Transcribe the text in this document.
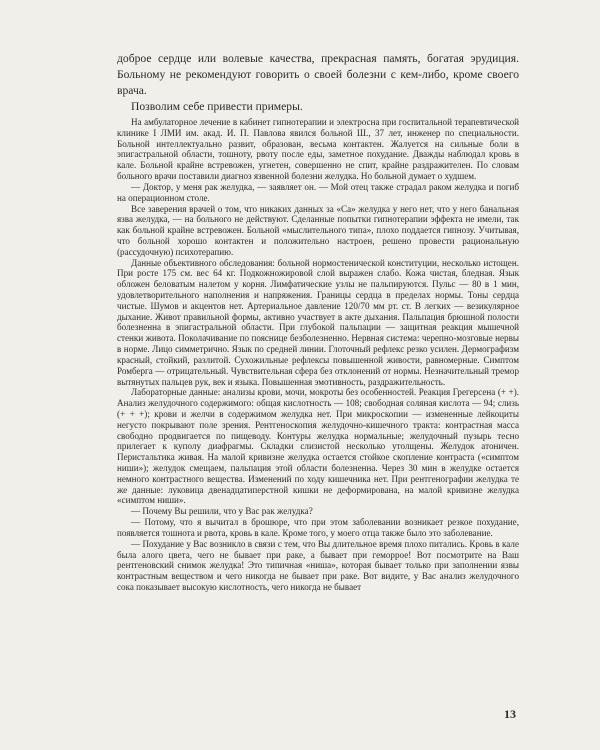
доброе сердце или волевые качества, прекрасная память, богатая эрудиция. Больному не рекомендуют говорить о своей болезни с кем-либо, кроме своего врача.

Позволим себе привести примеры.

На амбулаторное лечение в кабинет гипнотерапии и электросна при госпитальной терапевтической клинике I ЛМИ им. акад. И. П. Павлова явился больной Ш., 37 лет, инженер по специальности. Больной интеллектуально развит, образован, весьма контактен. Жалуется на сильные боли в эпигастральной области, тошноту, рвоту после еды, заметное похудание. Дважды наблюдал кровь в кале. Больной крайне встревожен, угнетен, совершенно не спит, крайне раздражителен. По словам больного врачи поставили диагноз язвенной болезни желудка. Но больной думает о худшем.

— Доктор, у меня рак желудка, — заявляет он. — Мой отец также страдал раком желудка и погиб на операционном столе.

Все заверения врачей о том, что никаких данных за «Са» желудка у него нет, что у него банальная язва желудка, — на больного не действуют. Сделанные попытки гипнотерапии эффекта не имели, так как больной крайне встревожен. Больной «мыслительного типа», плохо поддается гипнозу. Учитывая, что больной хорошо контактен и положительно настроен, решено провести рациональную (рассудочную) психотерапию.

Данные объективного обследования: больной нормостенической конституции, несколько истощен. При росте 175 см. вес 64 кг. Подкожножировой слой выражен слабо. Кожа чистая, бледная. Язык обложен беловатым налетом у корня. Лимфатические узлы не пальпируются. Пульс — 80 в 1 мин, удовлетворительного наполнения и напряжения. Границы сердца в пределах нормы. Тоны сердца чистые. Шумов и акцентов нет. Артериальное давление 120/70 мм рт. ст. В легких — везикулярное дыхание. Живот правильной формы, активно участвует в акте дыхания. Пальпация брюшной полости болезненна в эпигастральной области. При глубокой пальпации — защитная реакция мышечной стенки живота. Поколачивание по пояснице безболезненно. Нервная система: черепно-мозговые нервы в норме. Лицо симметрично. Язык по средней линии. Глоточный рефлекс резко усилен. Дермографизм красный, стойкий, разлитой. Сухожильные рефлексы повышенной живости, равномерные. Симптом Ромберга — отрицательный. Чувствительная сфера без отклонений от нормы. Незначительный тремор вытянутых пальцев рук, век и языка. Повышенная эмотивность, раздражительность.

Лабораторные данные: анализы крови, мочи, мокроты без особенностей. Реакция Грегерсена (+ +). Анализ желудочного содержимого: общая кислотность — 108; свободная соляная кислота — 94; слизь (+ + +); крови и желчи в содержимом желудка нет. При микроскопии — измененные лейкоциты негусто покрывают поле зрения. Рентгеноскопия желудочно-кишечного тракта: контрастная масса свободно продвигается по пищеводу. Контуры желудка нормальные; желудочный пузырь тесно прилегает к куполу диафрагмы. Складки слизистой несколько утолщены. Желудок атоничен. Перистальтика живая. На малой кривизне желудка остается стойкое скопление контраста («симптом ниши»); желудок смещаем, пальпация этой области болезненна. Через 30 мин в желудке остается немного контрастного вещества. Изменений по ходу кишечника нет. При рентгенографии желудка те же данные: луковица двенадцатиперстной кишки не деформирована, на малой кривизне желудка «симптом ниши».

— Почему Вы решили, что у Вас рак желудка?

— Потому, что я вычитал в брошюре, что при этом заболевании возникает резкое похудание, появляется тошнота и рвота, кровь в кале. Кроме того, у моего отца также было это заболевание.

— Похудание у Вас возникло в связи с тем, что Вы длительное время плохо питались. Кровь в кале была алого цвета, чего не бывает при раке, а бывает при геморрое! Вот посмотрите на Ваш рентгеновский снимок желудка! Это типичная «ниша», которая бывает только при заполнении язвы контрастным веществом и чего никогда не бывает при раке. Вот видите, у Вас анализ желудочного сока показывает высокую кислотность, чего никогда не бывает

13
